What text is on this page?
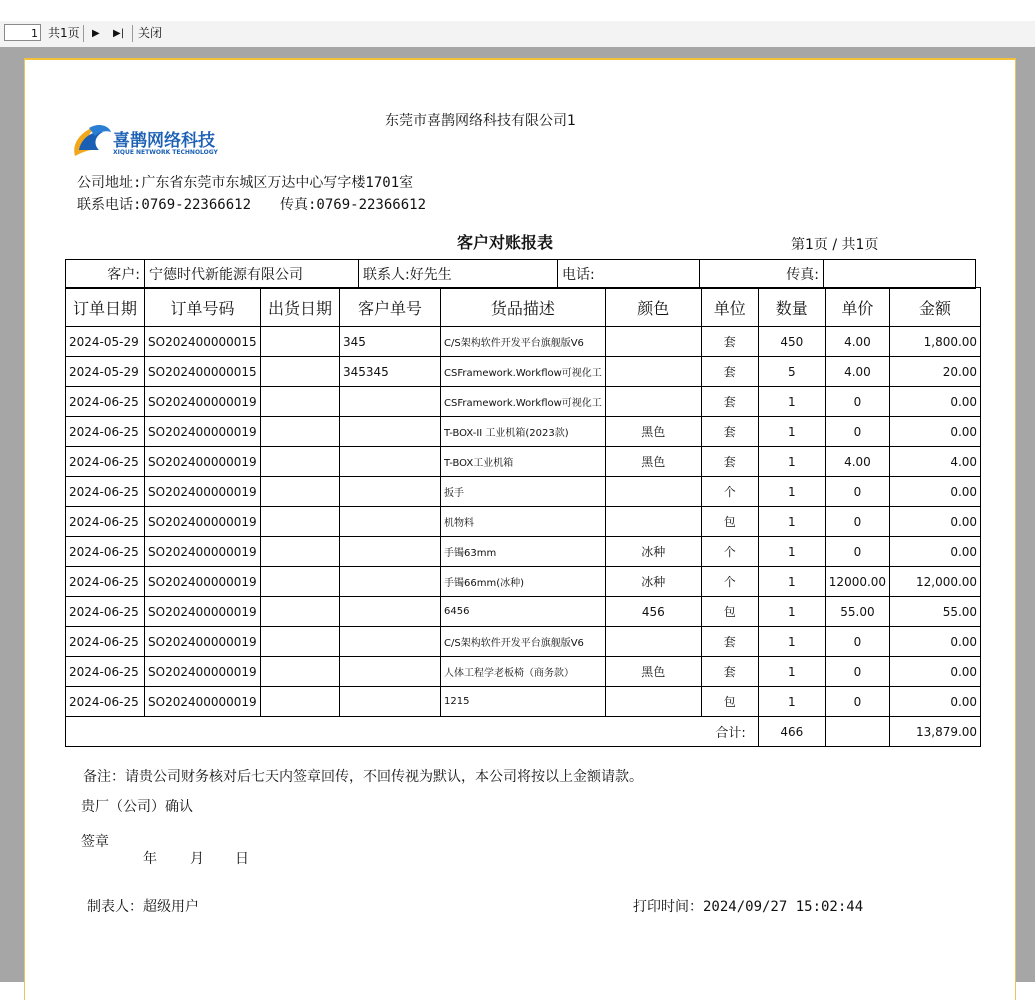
1 共1页 ▶ ▶| 关闭
东莞市喜鹊网络科技有限公司1
喜鹊网络科技
XIQUE NETWORK TECHNOLOGY
公司地址:广东省东莞市东城区万达中心写字楼1701室
联系电话:0769-22366612 传真:0769-22366612
客户对账报表	第1页 / 共1页
客户:	宁德时代新能源有限公司	联系人:好先生	电话:	传真:	
订单日期	订单号码	出货日期	客户单号	货品描述	颜色	单位	数量	单价	金额
2024-05-29	SO202400000015		345	C/S架构软件开发平台旗舰版V6		套	450	4.00	1,800.00
2024-05-29	SO202400000015		345345	CSFramework.Workflow可视化工		套	5	4.00	20.00
2024-06-25	SO202400000019			CSFramework.Workflow可视化工		套	1	0	0.00
2024-06-25	SO202400000019			T-BOX-II 工业机箱(2023款)	黑色	套	1	0	0.00
2024-06-25	SO202400000019			T-BOX工业机箱	黑色	套	1	4.00	4.00
2024-06-25	SO202400000019			扳手		个	1	0	0.00
2024-06-25	SO202400000019			机物料		包	1	0	0.00
2024-06-25	SO202400000019			手镯63mm	冰种	个	1	0	0.00
2024-06-25	SO202400000019			手镯66mm(冰种)	冰种	个	1	12000.00	12,000.00
2024-06-25	SO202400000019			6456	456	包	1	55.00	55.00
2024-06-25	SO202400000019			C/S架构软件开发平台旗舰版V6		套	1	0	0.00
2024-06-25	SO202400000019			人体工程学老板椅（商务款）	黑色	套	1	0	0.00
2024-06-25	SO202400000019			1215		包	1	0	0.00
合计:							466		13,879.00
备注：请贵公司财务核对后七天内签章回传，不回传视为默认，本公司将按以上金额请款。
贵厂（公司）确认
签章
年 月 日
制表人：超级用户	打印时间：2024/09/27 15:02:44
